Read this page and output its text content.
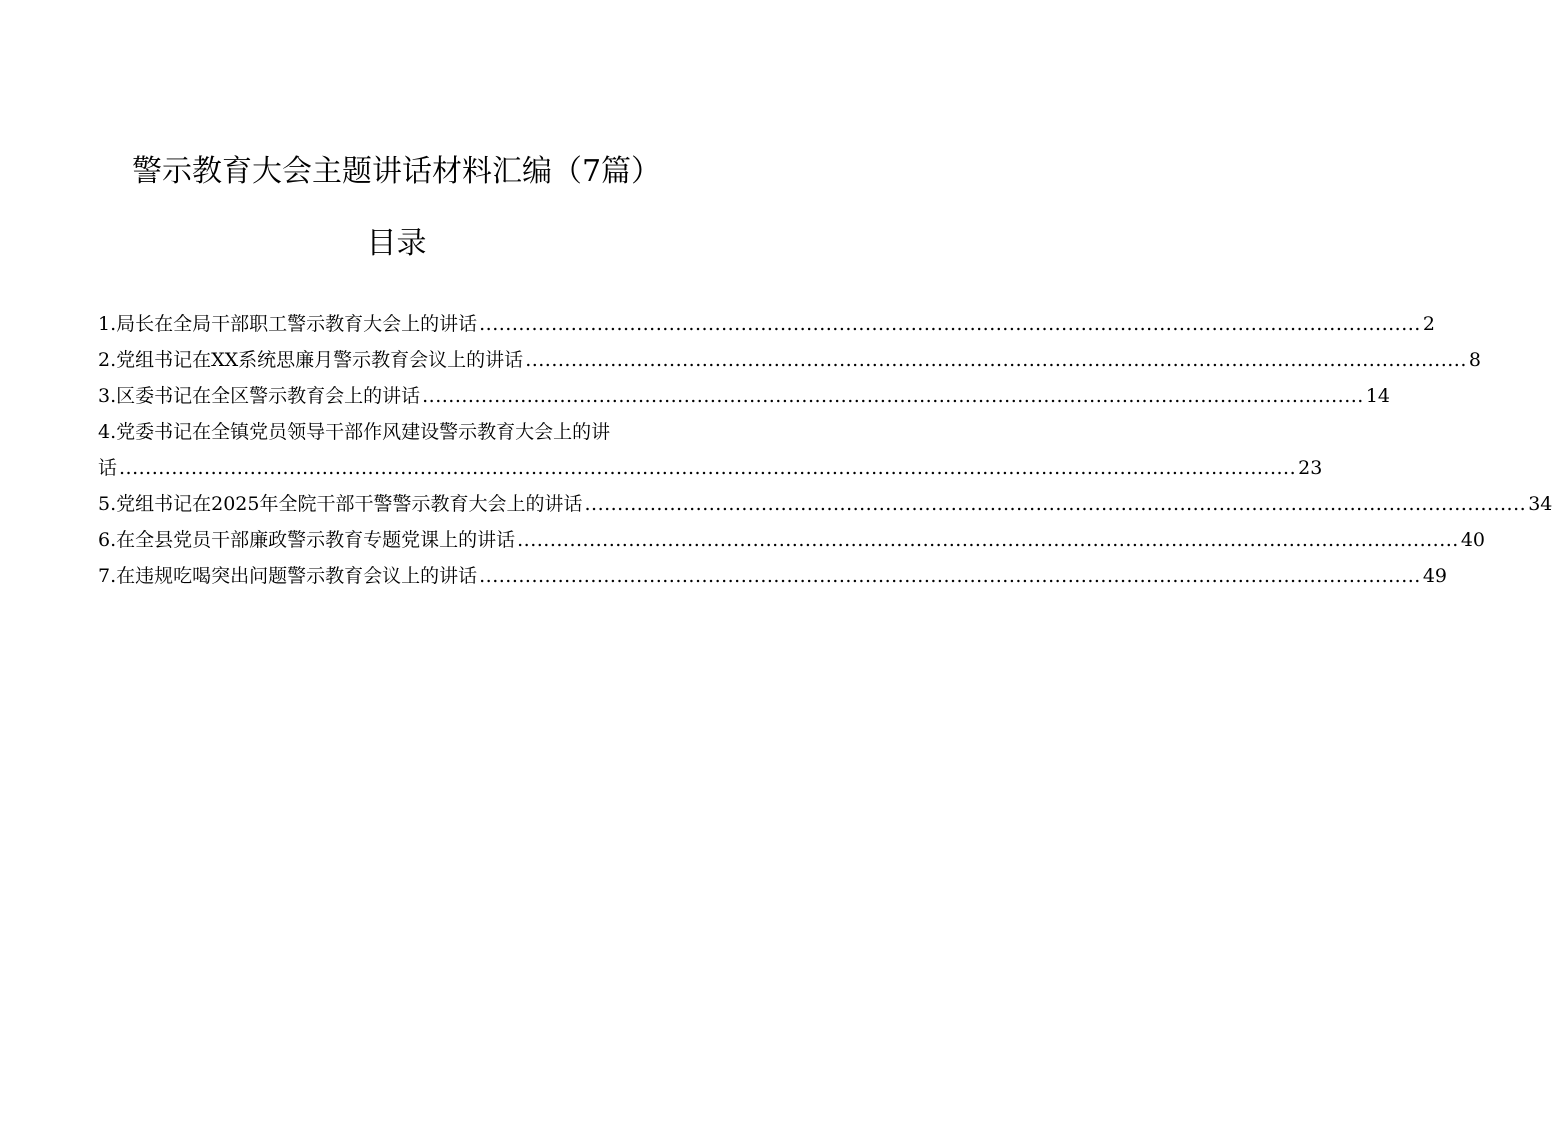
警示教育大会主题讲话材料汇编（7篇）
目录
1.局长在全局干部职工警示教育大会上的讲话 ................................................................................................................................................ 2
2.党组书记在XX系统思廉月警示教育会议上的讲话 ................................................................................................................................................ 8
3.区委书记在全区警示教育会上的讲话 ................................................................................................................................................ 14
4.党委书记在全镇党员领导干部作风建设警示教育大会上的讲
话 .................................................................................................................................................................................... 23
5.党组书记在2025年全院干部干警警示教育大会上的讲话 ................................................................................................................................................ 34
6.在全县党员干部廉政警示教育专题党课上的讲话 ................................................................................................................................................ 40
7.在违规吃喝突出问题警示教育会议上的讲话 ................................................................................................................................................ 49
